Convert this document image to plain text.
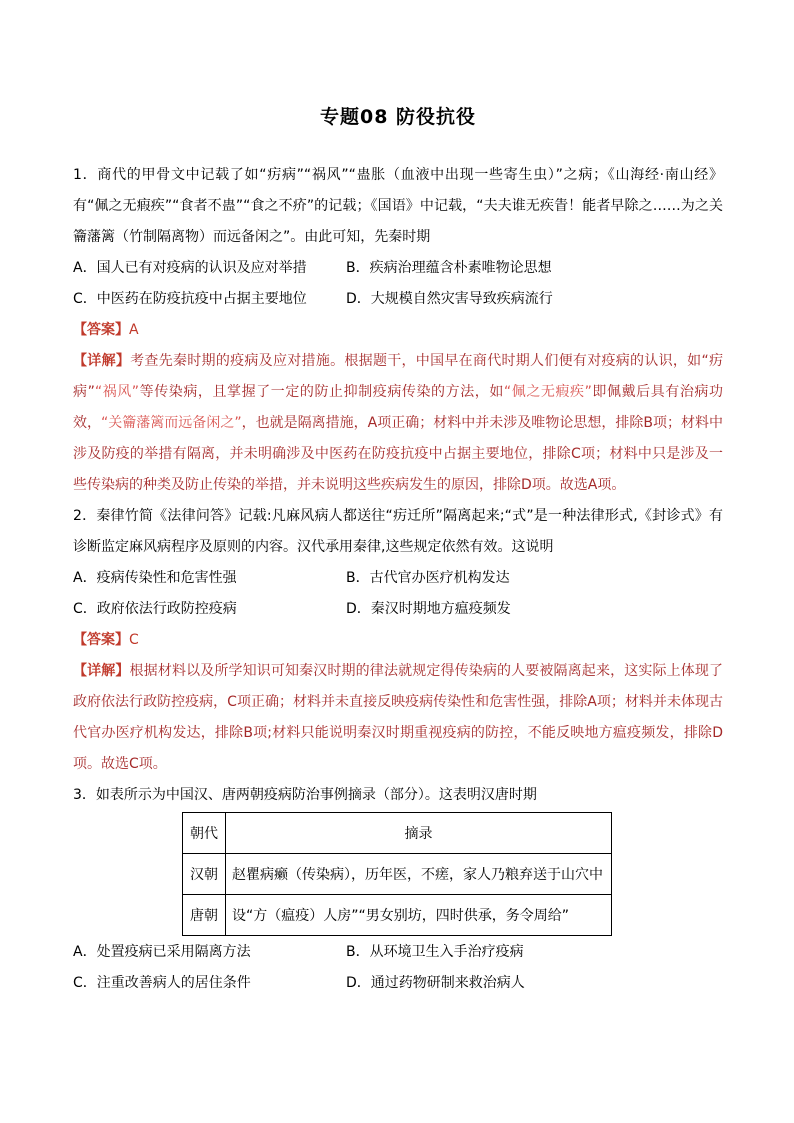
专题08 防役抗役
1．商代的甲骨文中记载了如“疠病”“祸风”“蛊胀（血液中出现一些寄生虫）”之病；《山海经·南山经》有“佩之无瘕疾”“食者不蛊”“食之不疥”的记载；《国语》中记载，“夫夫谁无疾眚！能者早除之……为之关籥藩篱（竹制隔离物）而远备闲之”。由此可知，先秦时期
A．国人已有对疫病的认识及应对举措	B．疾病治理蕴含朴素唯物论思想
C．中医药在防疫抗疫中占据主要地位	D．大规模自然灾害导致疾病流行
【答案】A
【详解】考查先秦时期的疫病及应对措施。根据题干，中国早在商代时期人们便有对疫病的认识，如“疠病”“祸风”等传染病，且掌握了一定的防止抑制疫病传染的方法，如“佩之无瘕疾”即佩戴后具有治病功效，“关籥藩篱而远备闲之”，也就是隔离措施，A项正确；材料中并未涉及唯物论思想，排除B项；材料中涉及防疫的举措有隔离，并未明确涉及中医药在防疫抗疫中占据主要地位，排除C项；材料中只是涉及一些传染病的种类及防止传染的举措，并未说明这些疾病发生的原因，排除D项。故选A项。
2．秦律竹简《法律问答》记载:凡麻风病人都送往“疠迁所”隔离起来;“式”是一种法律形式,《封诊式》有诊断监定麻风病程序及原则的内容。汉代承用秦律,这些规定依然有效。这说明
A．疫病传染性和危害性强	B．古代官办医疗机构发达
C．政府依法行政防控疫病	D．秦汉时期地方瘟疫频发
【答案】C
【详解】根据材料以及所学知识可知秦汉时期的律法就规定得传染病的人要被隔离起来，这实际上体现了政府依法行政防控疫病，C项正确；材料并未直接反映疫病传染性和危害性强，排除A项；材料并未体现古代官办医疗机构发达，排除B项;材料只能说明秦汉时期重视疫病的防控，不能反映地方瘟疫频发，排除D项。故选C项。
3．如表所示为中国汉、唐两朝疫病防治事例摘录（部分）。这表明汉唐时期
朝代	摘录
汉朝	赵瞿病癞（传染病），历年医，不瘥，家人乃粮弃送于山穴中
唐朝	设“方（瘟疫）人房”“男女别坊，四时供承，务令周给”
A．处置疫病已采用隔离方法	B．从环境卫生入手治疗疫病
C．注重改善病人的居住条件	D．通过药物研制来救治病人
